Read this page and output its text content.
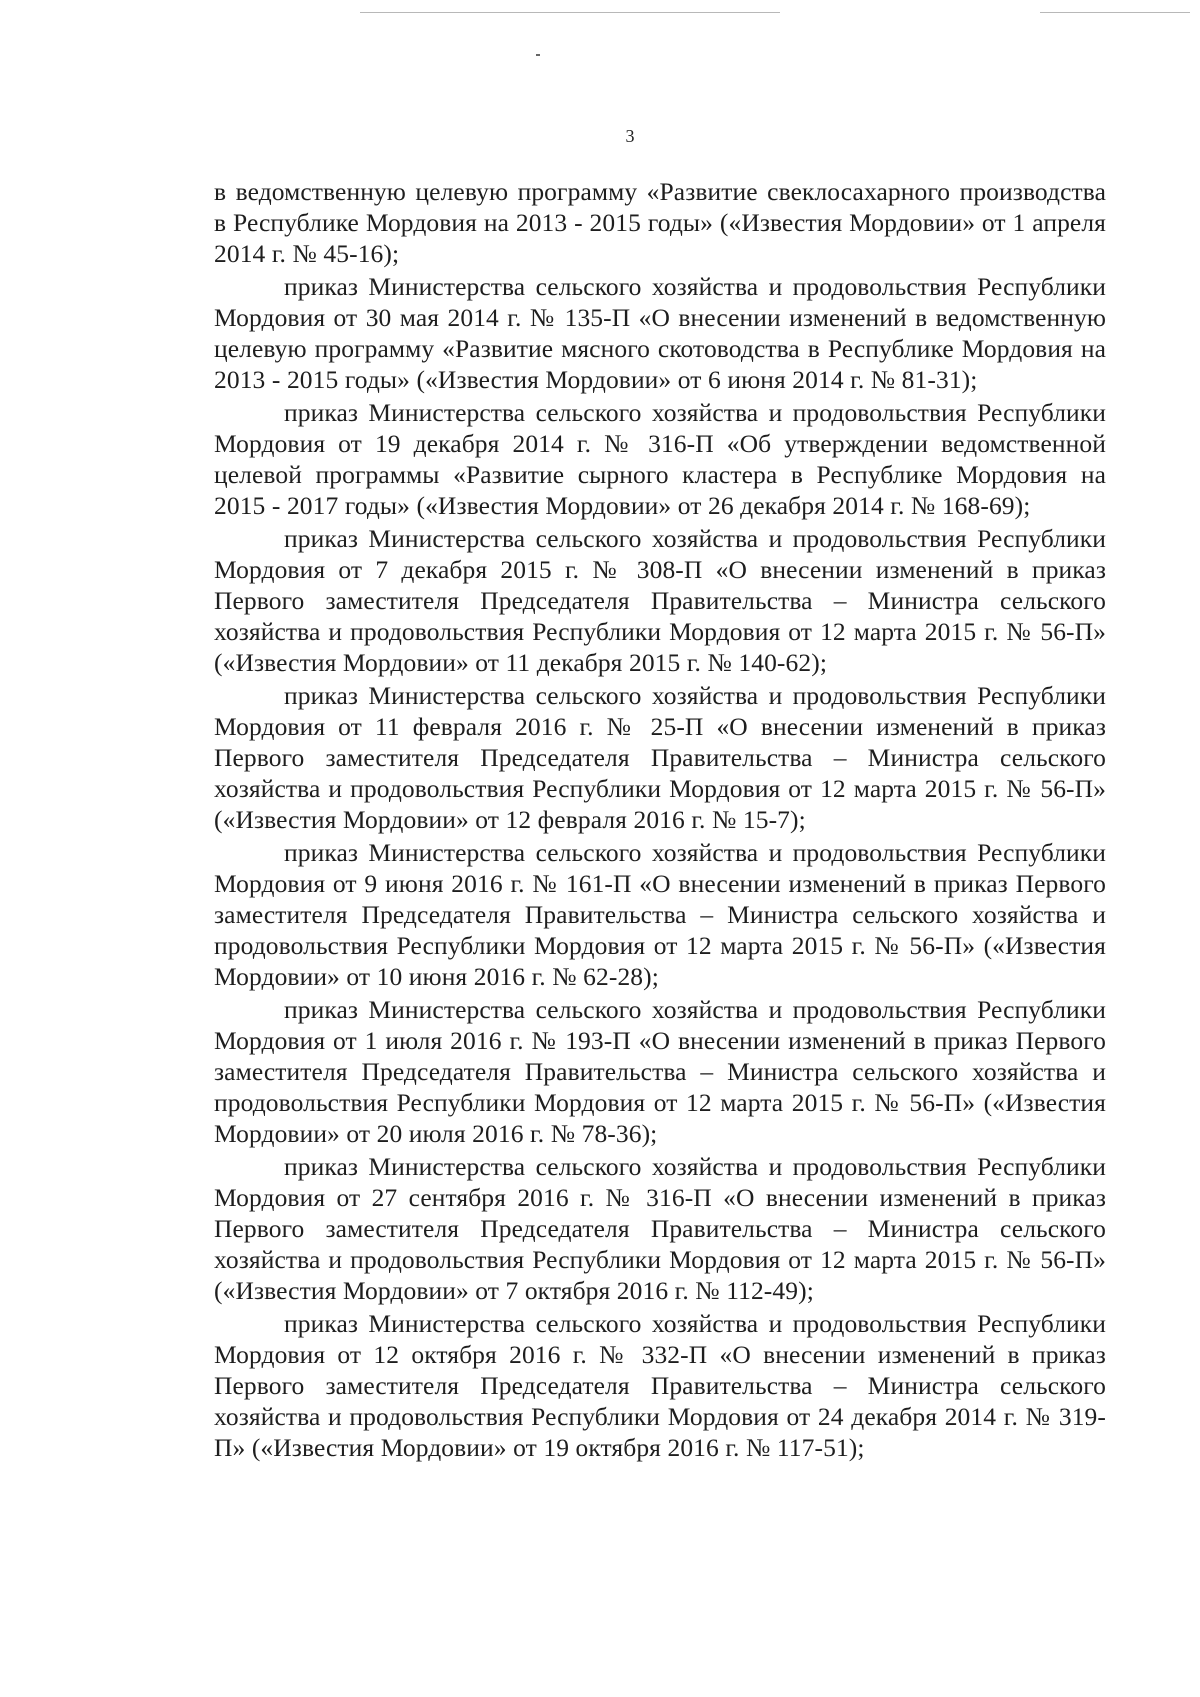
3

в ведомственную целевую программу «Развитие свеклосахарного производства в Республике Мордовия на 2013 - 2015 годы» («Известия Мордовии» от 1 апреля 2014 г. № 45-16);

приказ Министерства сельского хозяйства и продовольствия Республики Мордовия от 30 мая 2014 г. № 135-П «О внесении изменений в ведомственную целевую программу «Развитие мясного скотоводства в Республике Мордовия на 2013 - 2015 годы» («Известия Мордовии» от 6 июня 2014 г. № 81-31);

приказ Министерства сельского хозяйства и продовольствия Республики Мордовия от 19 декабря 2014 г. № 316-П «Об утверждении ведомственной целевой программы «Развитие сырного кластера в Республике Мордовия на 2015 - 2017 годы» («Известия Мордовии» от 26 декабря 2014 г. № 168-69);

приказ Министерства сельского хозяйства и продовольствия Республики Мордовия от 7 декабря 2015 г. № 308-П «О внесении изменений в приказ Первого заместителя Председателя Правительства – Министра сельского хозяйства и продовольствия Республики Мордовия от 12 марта 2015 г. № 56-П» («Известия Мордовии» от 11 декабря 2015 г. № 140-62);

приказ Министерства сельского хозяйства и продовольствия Республики Мордовия от 11 февраля 2016 г. № 25-П «О внесении изменений в приказ Первого заместителя Председателя Правительства – Министра сельского хозяйства и продовольствия Республики Мордовия от 12 марта 2015 г. № 56-П» («Известия Мордовии» от 12 февраля 2016 г. № 15-7);

приказ Министерства сельского хозяйства и продовольствия Республики Мордовия от 9 июня 2016 г. № 161-П «О внесении изменений в приказ Первого заместителя Председателя Правительства – Министра сельского хозяйства и продовольствия Республики Мордовия от 12 марта 2015 г. № 56-П» («Известия Мордовии» от 10 июня 2016 г. № 62-28);

приказ Министерства сельского хозяйства и продовольствия Республики Мордовия от 1 июля 2016 г. № 193-П «О внесении изменений в приказ Первого заместителя Председателя Правительства – Министра сельского хозяйства и продовольствия Республики Мордовия от 12 марта 2015 г. № 56-П» («Известия Мордовии» от 20 июля 2016 г. № 78-36);

приказ Министерства сельского хозяйства и продовольствия Республики Мордовия от 27 сентября 2016 г. № 316-П «О внесении изменений в приказ Первого заместителя Председателя Правительства – Министра сельского хозяйства и продовольствия Республики Мордовия от 12 марта 2015 г. № 56-П» («Известия Мордовии» от 7 октября 2016 г. № 112-49);

приказ Министерства сельского хозяйства и продовольствия Республики Мордовия от 12 октября 2016 г. № 332-П «О внесении изменений в приказ Первого заместителя Председателя Правительства – Министра сельского хозяйства и продовольствия Республики Мордовия от 24 декабря 2014 г. № 319-П» («Известия Мордовии» от 19 октября 2016 г. № 117-51);
